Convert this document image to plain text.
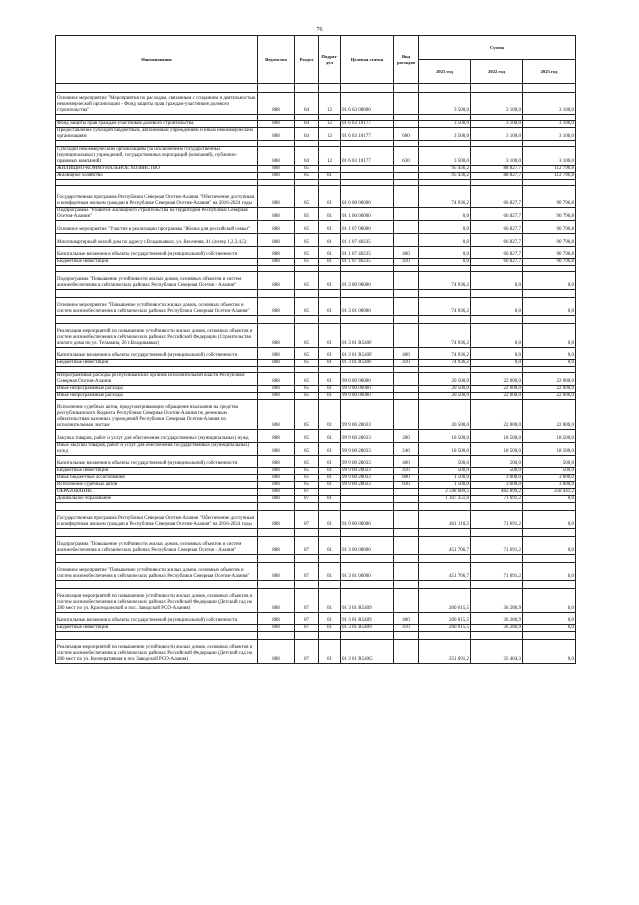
76
Наименование	Ведомство	Раздел	Подраз-дел	Целевая статья	Вид расходов	Сумма		
						2021 год	2022 год	2023 год

Основное мероприятие "Мероприятия по расходам, связанным с созданием и деятельностью некоммерческой организации - Фонд защиты прав граждан-участников долевого строительства"	808	04	12	01 6 63 00000		3 500,0	3 100,0	3 100,0

Фонд защиты прав граждан-участников долевого строительства	808	04	12	01 6 63 10177		3 500,0	3 100,0	3 100,0
Предоставление субсидий бюджетным, автономным учреждениям и иным некоммерческим организациям	808	04	12	01 6 63 10177	600	3 500,0	3 100,0	3 100,0

Субсидии некоммерческим организациям (за исключением государственных (муниципальных) учреждений, государственных корпораций (компаний), публично-правовых компаний)	808	04	12	01 6 63 10177	630	3 500,0	3 100,0	3 100,0
ЖИЛИЩНО-КОММУНАЛЬНОЕ ХОЗЯЙСТВО	808	05				95 436,2	88 827,7	112 796,8
Жилищное хозяйство	808	05	01			95 436,2	88 827,7	112 796,8

Государственная программа Республики Северная Осетия-Алания "Обеспечение доступным и комфортным жильем граждан в Республике Северная Осетия-Алания" на 2016-2024 годы	808	05	01	01 0 00 00000		74 936,2	66 827,7	90 796,8
Подпрограмма "Развитие жилищного строительства на территории Республики Северная Осетия-Алания"	808	05	01	01 1 00 00000		0,0	66 827,7	90 796,8
Основное мероприятие "Участие в реализации программы "Жилье для российской семьи"	808	05	01	01 1 07 00000		0,0	66 827,7	90 796,8
Многоквартирный жилой дом по адресу г.Владикавказ, ул. Весенняя, 41 (литер 1,2,3,4,5)	808	05	01	01 1 07 40235		0,0	66 827,7	90 796,8
Капитальные вложения в объекты государственной (муниципальной) собственности	808	05	01	01 1 07 40235	400	0,0	66 827,7	90 796,8
Бюджетные инвестиции	808	05	01	01 1 07 40235	410	0,0	66 827,7	90 796,8

Подпрограмма "Повышение устойчивости жилых домов, основных объектов и систем жизнеобеспечения в сейсмических районах Республики Северная Осетия - Алания"	808	05	01	01 3 00 00000		74 936,2	0,0	0,0

Основное мероприятие "Повышение устойчивости жилых домов, основных объектов и систем жизнеобеспечения в сейсмических районах Республики Северная Осетия-Алания"	808	05	01	01 3 01 00000		74 936,2	0,0	0,0

Реализация мероприятий по повышению устойчивости жилых домов, основных объектов и систем жизнеобеспечения в сейсмических районах Российской Федерации (Строительство жилого дома по ул. Тельмана, 26 г.Владикавказ)	808	05	01	01 3 01 R540F		74 936,2	0,0	0,0
Капитальные вложения в объекты государственной (муниципальной) собственности	808	05	01	01 3 01 R540F	400	74 936,2	0,0	0,0
Бюджетные инвестиции	808	05	01	01 3 01 R540F	410	74 936,2	0,0	0,0

Непрограммные расходы республиканских органов исполнительной власти Республики Северная Осетия-Алания	808	05	01	99 0 00 00000		20 500,0	22 000,0	22 000,0
Иные непрограммные расходы	808	05	01	99 9 00 00000		20 500,0	22 000,0	22 000,0
Иные непрограммные расходы	808	05	01	99 9 00 00000		20 500,0	22 000,0	22 000,0
Исполнение судебных актов, предусматривающих обращение взыскания на средства республиканского бюджета Республики Северная Осетия-Алания по денежным обязательствам казенных учреждений Республики Северная Осетия-Алания по исполнительным листам	808	05	01	99 9 00 28033		20 500,0	22 000,0	22 000,0
Закупка товаров, работ и услуг для обеспечения государственных (муниципальных) нужд	808	05	01	99 9 00 28033	200	18 500,0	18 500,0	18 500,0
Иные закупки товаров, работ и услуг для обеспечения государственных (муниципальных) нужд	808	05	01	99 9 00 28033	240	18 500,0	18 500,0	18 500,0
Капитальные вложения в объекты государственной (муниципальной) собственности	808	05	01	99 9 00 28033	400	500,0	500,0	500,0
Бюджетные инвестиции	808	05	01	99 9 00 28033	410	500,0	500,0	500,0
Иные бюджетные ассигнования	808	05	01	99 9 00 28033	800	1 500,0	3 000,0	3 000,0
Исполнение судебных актов	808	05	01	99 9 00 28033	830	1 500,0	3 000,0	3 000,0
ОБРАЗОВАНИЕ	808	07				2 598 689,5	482 899,2	358 441,2
Дошкольное образование	808	07	01			1 307 351,0	71 691,2	0,0

Государственная программа Республики Северная Осетия-Алания "Обеспечение доступным и комфортным жильем граждан в Республике Северная Осетия-Алания" на 2016-2024 годы	808	07	01	01 0 00 00000		461 110,5	71 691,2	0,0

Подпрограмма "Повышение устойчивости жилых домов, основных объектов и систем жизнеобеспечения в сейсмических районах Республики Северная Осетия - Алания"	808	07	01	01 3 00 00000		451 706,7	71 691,2	0,0

Основное мероприятие "Повышение устойчивости жилых домов, основных объектов и систем жизнеобеспечения в сейсмических районах Республики Северная Осетия-Алания"	808	07	01	01 3 01 00000		451 706,7	71 691,2	0,0

Реализация мероприятий по повышению устойчивости жилых домов, основных объектов и систем жизнеобеспечения в сейсмических районах Российской Федерации (Детский сад на 280 мест по ул. Краснодонской и пос. Заводской РСО-Алания)	808	07	01	01 3 01 R5409		200 015,5	36 286,9	0,0
Капитальные вложения в объекты государственной (муниципальной) собственности	808	07	01	01 3 01 R5409	400	200 015,5	36 286,9	0,0
Бюджетные инвестиции	808	07	01	01 3 01 R5409	410	200 015,5	36 286,9	0,0

Реализация мероприятий по повышению устойчивости жилых домов, основных объектов и систем жизнеобеспечения в сейсмических районах Российской Федерации (Детский сад на 280 мест по ул. Кооперативная в пос Заводской РСО-Алания)	808	07	01	01 3 01 R540G		251 691,2	35 404,3	0,0
